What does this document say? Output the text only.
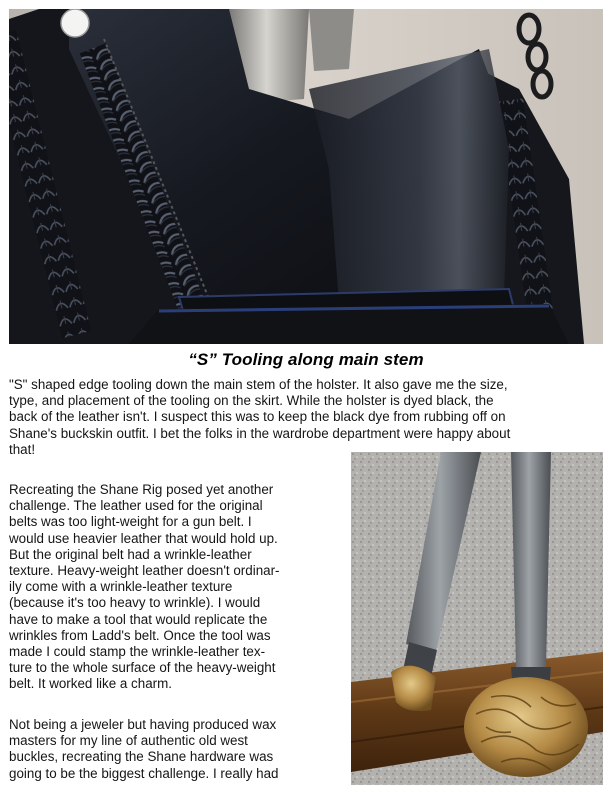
“S” Tooling along main stem

"S" shaped edge tooling down the main stem of the holster. It also gave me the size,
type, and placement of the tooling on the skirt. While the holster is dyed black, the
back of the leather isn't. I suspect this was to keep the black dye from rubbing off on
Shane's buckskin outfit. I bet the folks in the wardrobe department were happy about
that!

Recreating the Shane Rig posed yet another
challenge. The leather used for the original
belts was too light-weight for a gun belt. I
would use heavier leather that would hold up.
But the original belt had a wrinkle-leather
texture. Heavy-weight leather doesn't ordinar-
ily come with a wrinkle-leather texture
(because it's too heavy to wrinkle). I would
have to make a tool that would replicate the
wrinkles from Ladd's belt. Once the tool was
made I could stamp the wrinkle-leather tex-
ture to the whole surface of the heavy-weight
belt. It worked like a charm.

Not being a jeweler but having produced wax
masters for my line of authentic old west
buckles, recreating the Shane hardware was
going to be the biggest challenge. I really had
